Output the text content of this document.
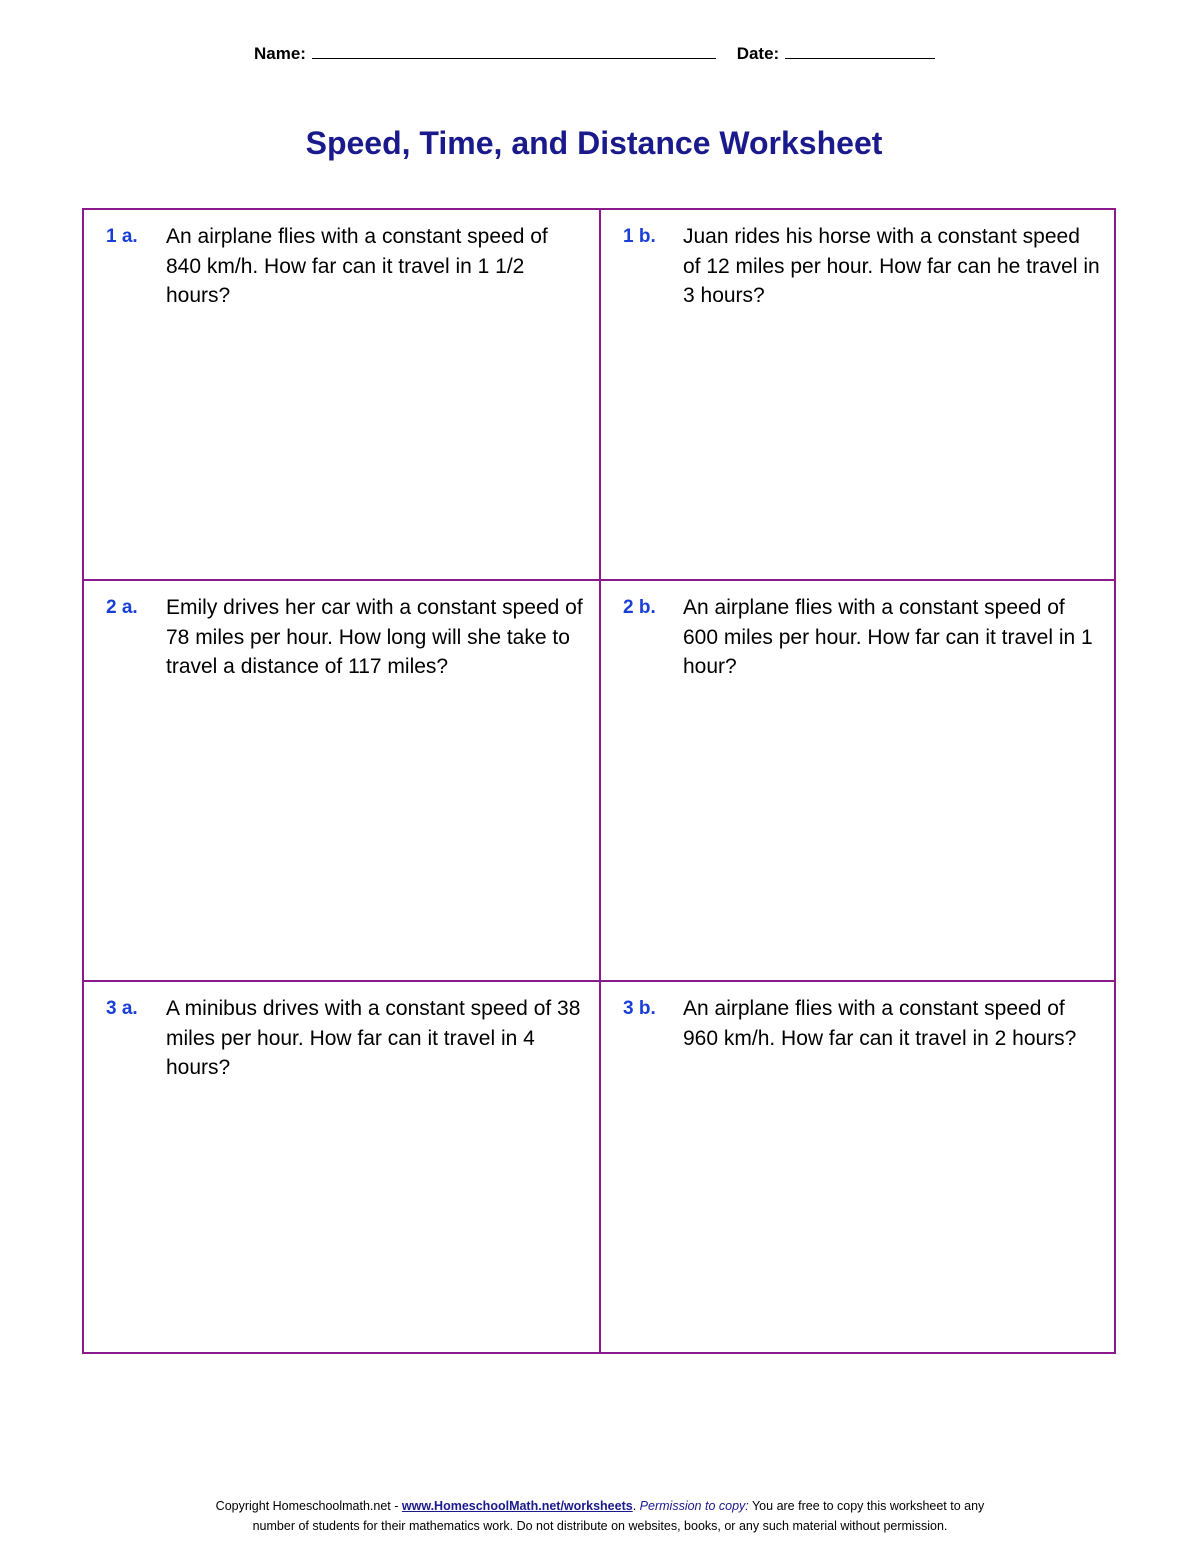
Name:	Date:
Speed, Time, and Distance Worksheet
1 a.	An airplane flies with a constant speed of 840 km/h. How far can it travel in 1 1/2 hours?
1 b.	Juan rides his horse with a constant speed of 12 miles per hour. How far can he travel in 3 hours?
2 a.	Emily drives her car with a constant speed of 78 miles per hour. How long will she take to travel a distance of 117 miles?
2 b.	An airplane flies with a constant speed of 600 miles per hour. How far can it travel in 1 hour?
3 a.	A minibus drives with a constant speed of 38 miles per hour. How far can it travel in 4 hours?
3 b.	An airplane flies with a constant speed of 960 km/h. How far can it travel in 2 hours?
Copyright Homeschoolmath.net - www.HomeschoolMath.net/worksheets. Permission to copy: You are free to copy this worksheet to any
number of students for their mathematics work. Do not distribute on websites, books, or any such material without permission.
